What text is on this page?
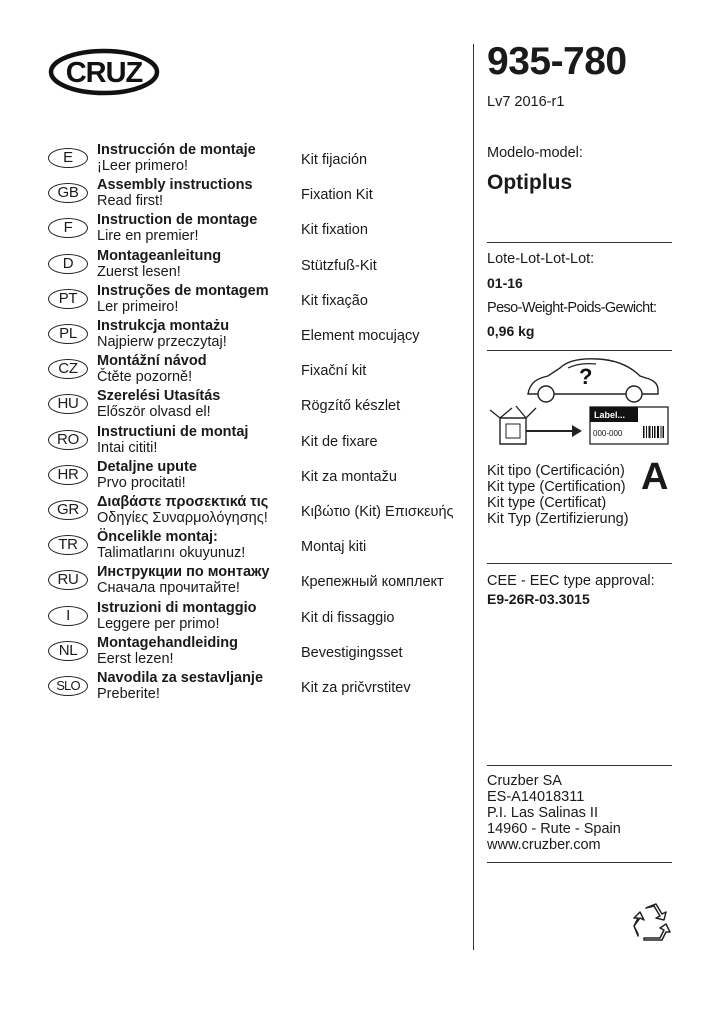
CRUZ
E	Instrucción de montaje
¡Leer primero!	Kit fijación
GB	Assembly instructions
Read first!	Fixation Kit
F	Instruction de montage
Lire en premier!	Kit fixation
D	Montageanleitung
Zuerst lesen!	Stützfuß-Kit
PT	Instruções de montagem
Ler primeiro!	Kit fixação
PL	Instrukcja montażu
Najpierw przeczytaj!	Element mocujący
CZ	Montážní návod
Čtěte pozorně!	Fixační kit
HU	Szerelési Utasítás
Először olvasd el!	Rögzítő készlet
RO	Instructiuni de montaj
Intai cititi!	Kit de fixare
HR	Detaljne upute
Prvo procitati!	Kit za montažu
GR	Διαβάστε προσεκτικά τις
Οδηγίες Συναρμολόγησης! Κιβώτιο (Kit) Επισκευής
TR	Öncelikle montaj:
Talimatlarını okuyunuz!	Montaj kiti
RU	Инструкции по монтажу
Сначала прочитайте!	Крепежный комплект
I	Istruzioni di montaggio
Leggere per primo!	Kit di fissaggio
NL	Montagehandleiding
Eerst lezen!	Bevestigingsset
SLO	Navodila za sestavljanje
Preberite!	Kit za pričvrstitev
935-780
Lv7 2016-r1
Modelo-model:
Optiplus
Lote-Lot-Lot-Lot:
01-16
Peso-Weight-Poids-Gewicht:
0,96 kg
?
Label...
000-000
Kit tipo (Certificación)
Kit type (Certification)
Kit type (Certificat)
Kit Typ (Zertifizierung)
A
CEE - EEC type approval:
E9-26R-03.3015
Cruzber SA
ES-A14018311
P.I. Las Salinas II
14960 - Rute - Spain
www.cruzber.com
